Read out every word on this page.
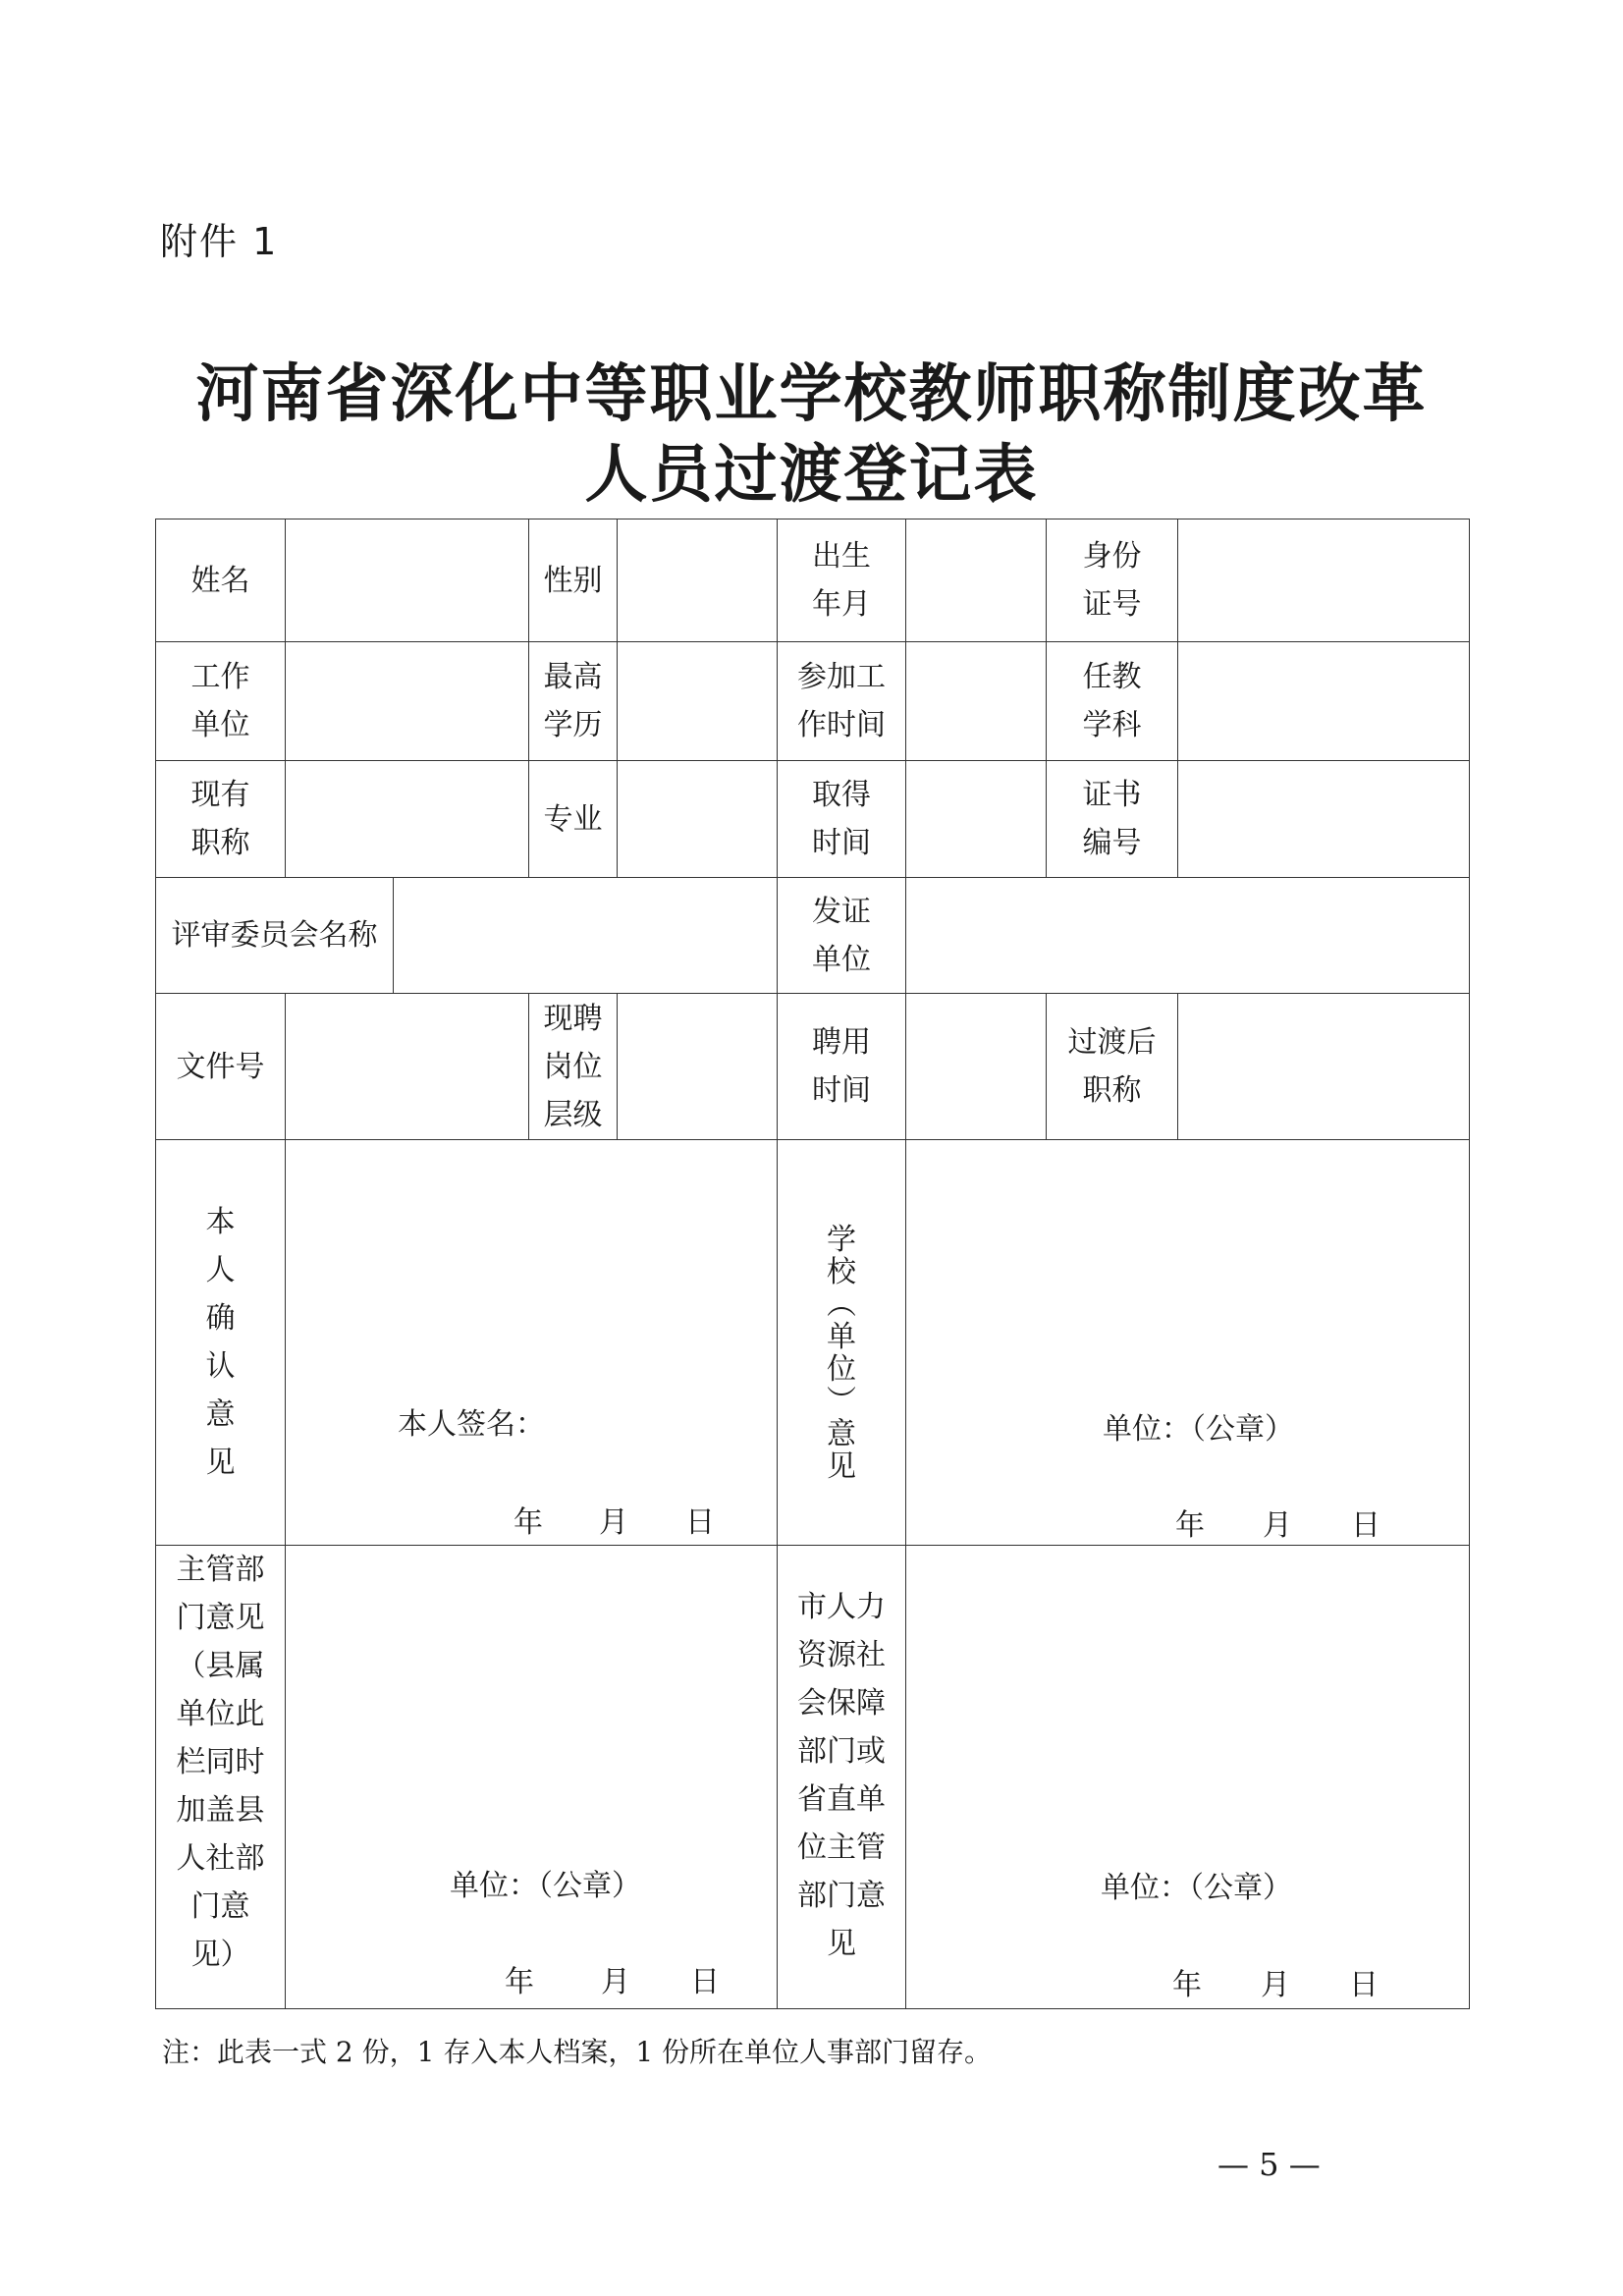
附件 1
河南省深化中等职业学校教师职称制度改革
人员过渡登记表
姓名	性别
出生
年月
身份
证号
工作
单位
最高
学历
参加工
作时间
任教
学科
现有
职称
专业
取得
时间
证书
编号
评审委员会名称
发证
单位
文件号
现聘
岗位
层级
聘用
时间
过渡后
职称
本
人
确
认
意
见
学
校
︵
单
位
︶
意
见
主管部
门意见
（县属
单位此
栏同时
加盖县
人社部
门意
见）
市人力
资源社
会保障
部门或
省直单
位主管
部门意
见
本人签名：
年 月 日
单位：（公章）
年 月 日
单位：（公章）
年 月 日
单位：（公章）
年 月 日
注：此表一式 2 份，1 存入本人档案，1 份所在单位人事部门留存。
— 5 —
